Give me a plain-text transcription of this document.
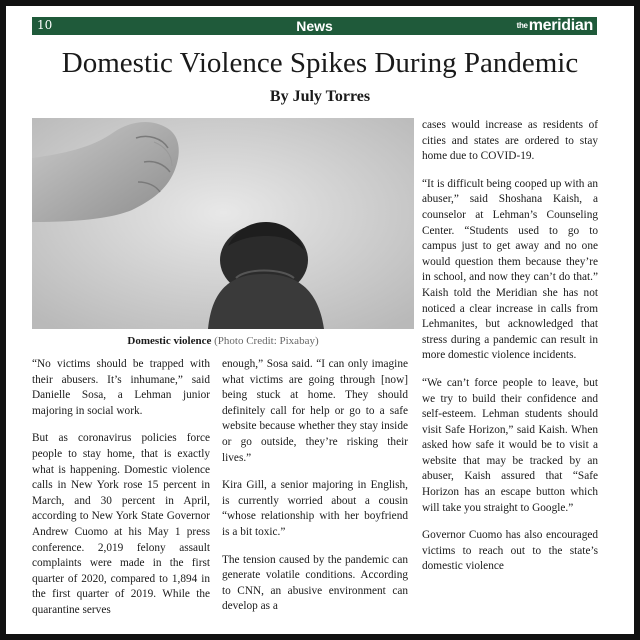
10	News	$^{the}$meridian
Domestic Violence Spikes During Pandemic
By July Torres
Domestic violence (Photo Credit: Pixabay)

“No victims should be trapped with their abusers. It’s inhumane,” said Danielle Sosa, a Lehman junior majoring in social work.

But as coronavirus policies force people to stay home, that is exactly what is happening. Domestic violence calls in New York rose 15 percent in March, and 30 percent in April, according to New York State Governor Andrew Cuomo at his May 1 press conference. 2,019 felony assault complaints were made in the first quarter of 2020, compared to 1,894 in the first quarter of 2019. While the quarantine serves

enough,” Sosa said. “I can only imagine what victims are going through [now] being stuck at home. They should definitely call for help or go to a safe website because whether they stay inside or go outside, they’re risking their lives.”

Kira Gill, a senior majoring in English, is currently worried about a cousin “whose relationship with her boyfriend is a bit toxic.”

The tension caused by the pandemic can generate volatile conditions. According to CNN, an abusive environment can develop as a

cases would increase as residents of cities and states are ordered to stay home due to COVID-19.

“It is difficult being cooped up with an abuser,” said Shoshana Kaish, a counselor at Lehman’s Counseling Center. “Students used to go to campus just to get away and no one would question them because they’re in school, and now they can’t do that.” Kaish told the Meridian she has not noticed a clear increase in calls from Lehmanites, but acknowledged that stress during a pandemic can result in more domestic violence incidents.

“We can’t force people to leave, but we try to build their confidence and self-esteem. Lehman students should visit Safe Horizon,” said Kaish. When asked how safe it would be to visit a website that may be tracked by an abuser, Kaish assured that “Safe Horizon has an escape button which will take you straight to Google.”

Governor Cuomo has also encouraged victims to reach out to the state’s domestic violence
